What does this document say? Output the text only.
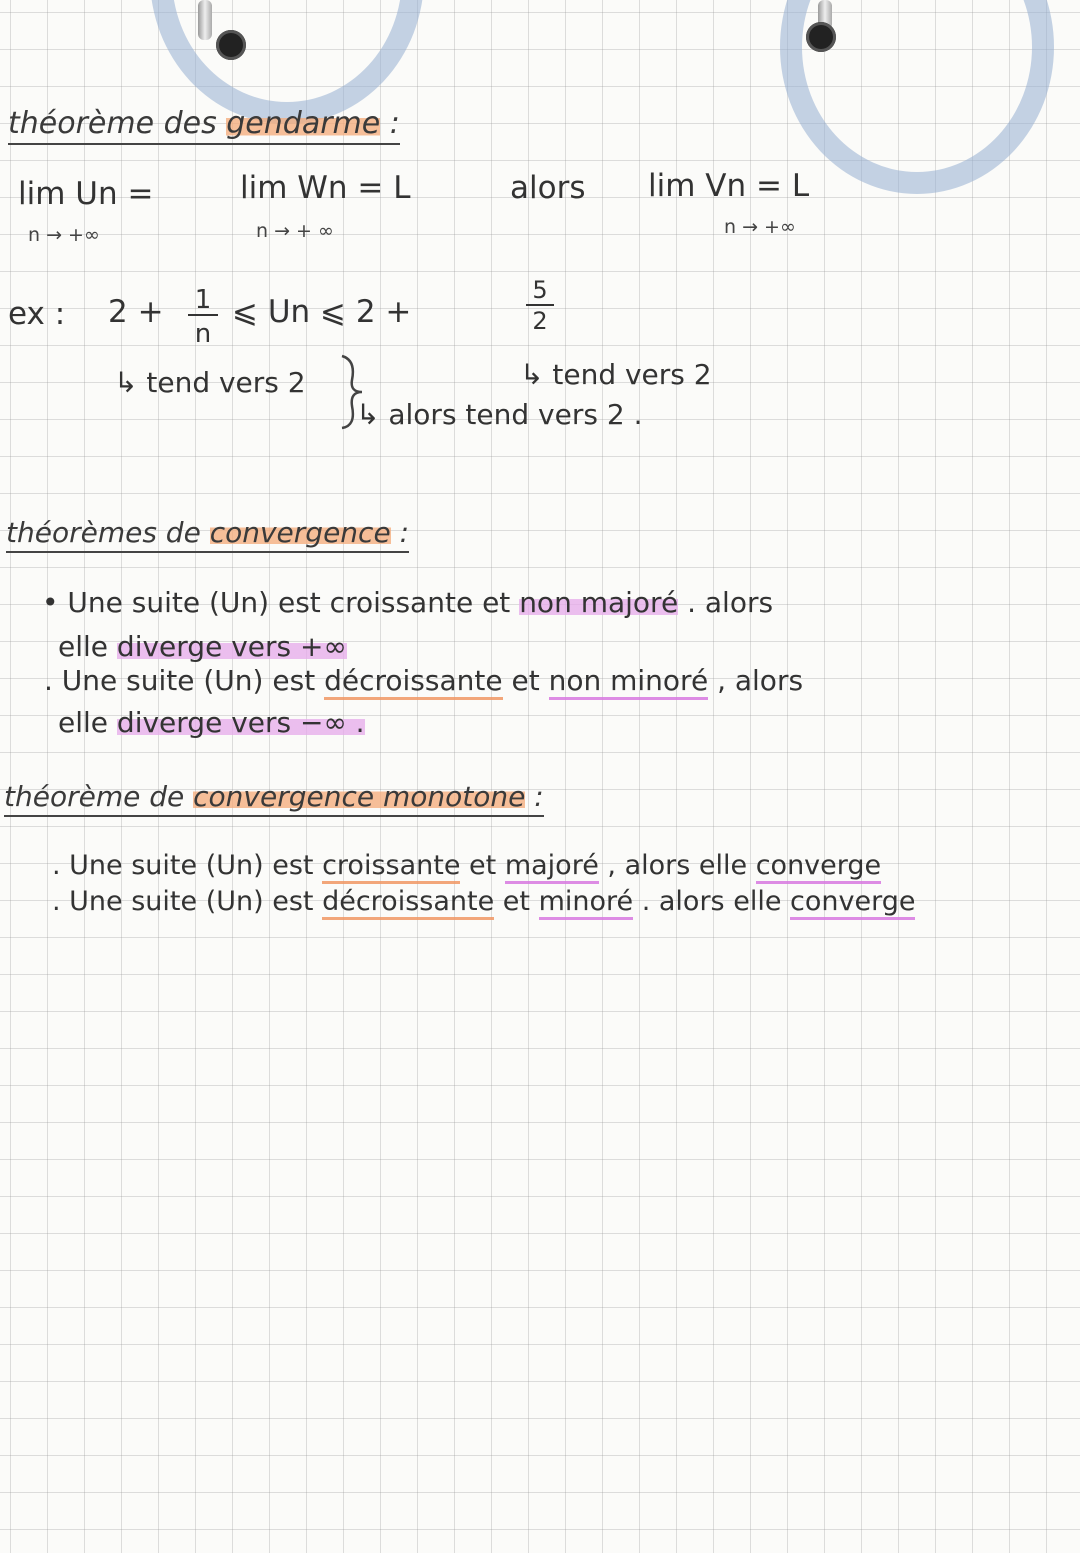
théorème des gendarme :
lim Un =
n → +∞
lim Wn = L
n → + ∞
alors lim Vn = L
n → +∞
ex : $2 + \frac{1}{n}$ ⩽ Un ⩽ 2 +	$\frac{5}{2}$
↳ tend vers 2	↳ tend vers 2
↳ alors tend vers 2 .
théorèmes de convergence :
• Une suite (Un) est croissante et non majoré . alors
elle diverge vers +∞
. Une suite (Un) est décroissante et non minoré , alors
elle diverge vers −∞ .
théorème de convergence monotone :
. Une suite (Un) est croissante et majoré , alors elle converge
. Une suite (Un) est décroissante et minoré . alors elle converge
